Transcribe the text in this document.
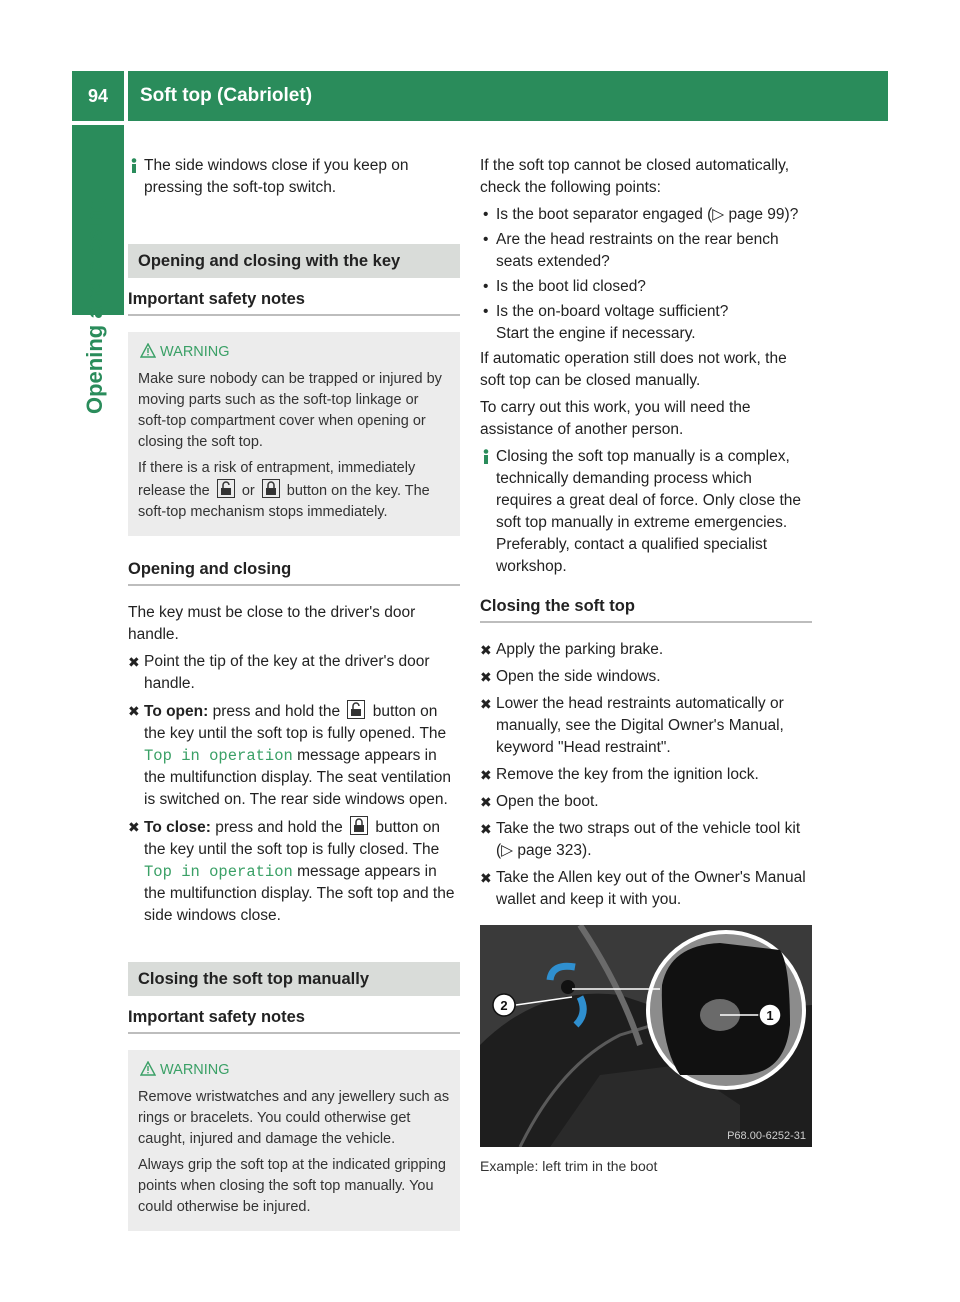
94	Soft top (Cabriolet)
Opening and closing

The side windows close if you keep on pressing the soft-top switch.

Opening and closing with the key
Important safety notes
WARNING

Make sure nobody can be trapped or injured by moving parts such as the soft-top linkage or soft-top compartment cover when opening or closing the soft top.

If there is a risk of entrapment, immediately release the or button on the key. The soft-top mechanism stops immediately.

Opening and closing

The key must be close to the driver's door handle.

✖ Point the tip of the key at the driver's door handle.
✖ To open: press and hold the button on the key until the soft top is fully opened. The Top in operation message appears in the multifunction display. The seat ventilation is switched on. The rear side windows open.
✖ To close: press and hold the button on the key until the soft top is fully closed. The Top in operation message appears in the multifunction display. The soft top and the side windows close.
Closing the soft top manually
Important safety notes
WARNING

Remove wristwatches and any jewellery such as rings or bracelets. You could otherwise get caught, injured and damage the vehicle.

Always grip the soft top at the indicated gripping points when closing the soft top manually. You could otherwise be injured.

If the soft top cannot be closed automatically, check the following points:

• Is the boot separator engaged (▷ page 99)?
• Are the head restraints on the rear bench seats extended?
• Is the boot lid closed?
• Is the on-board voltage sufficient?
Start the engine if necessary.

If automatic operation still does not work, the soft top can be closed manually.

To carry out this work, you will need the assistance of another person.

Closing the soft top manually is a complex, technically demanding process which requires a great deal of force. Only close the soft top manually in extreme emergencies. Preferably, contact a qualified specialist workshop.

Closing the soft top
✖ Apply the parking brake.
✖ Open the side windows.
✖ Lower the head restraints automatically or manually, see the Digital Owner's Manual, keyword "Head restraint".
✖ Remove the key from the ignition lock.
✖ Open the boot.
✖ Take the two straps out of the vehicle tool kit (▷ page 323).
✖ Take the Allen key out of the Owner's Manual wallet and keep it with you.
1
2
P68.00-6252-31
Example: left trim in the boot
